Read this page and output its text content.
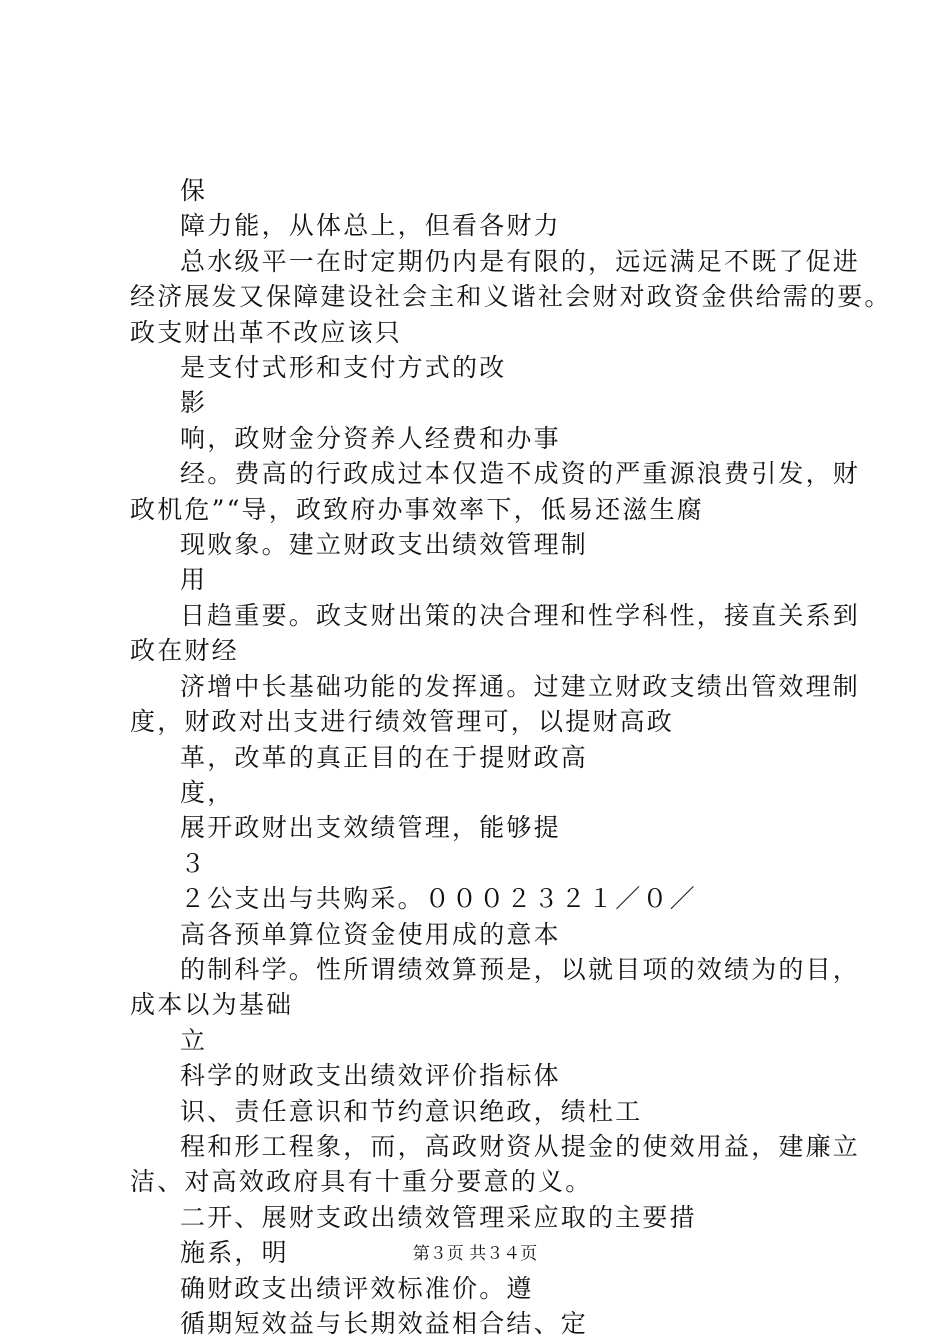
保
障力能，从体总上，但看各财力
总水级平一在时定期仍内是有限的，远远满足不既了促进
经济展发又保障建设社会主和义谐社会财对政资金供给需的要。
政支财出革不改应该只
是支付式形和支付方式的改
影
响，政财金分资养人经费和办事
经。费高的行政成过本仅造不成资的严重源浪费引发，财
政机危”“导，政致府办事效率下，低易还滋生腐
现败象。建立财政支出绩效管理制
用
日趋重要。政支财出策的决合理和性学科性，接直关系到
政在财经
济增中长基础功能的发挥通。过建立财政支绩出管效理制
度，财政对出支进行绩效管理可，以提财高政
革，改革的真正目的在于提财政高
度，
展开政财出支效绩管理，能够提
３
２公支出与共购采。０００２３２１／０／
高各预单算位资金使用成的意本
的制科学。性所谓绩效算预是，以就目项的效绩为的目，
成本以为基础
立
科学的财政支出绩效评价指标体
识、责任意识和节约意识绝政，绩杜工
程和形工程象，而，高政财资从提金的使效用益，建廉立
洁、对高效政府具有十重分要意的义。
二开、展财支政出绩效管理采应取的主要措
施系，明
确财政支出绩评效标准价。遵
循期短效益与长期效益相合结、定
第３页 共３４页
